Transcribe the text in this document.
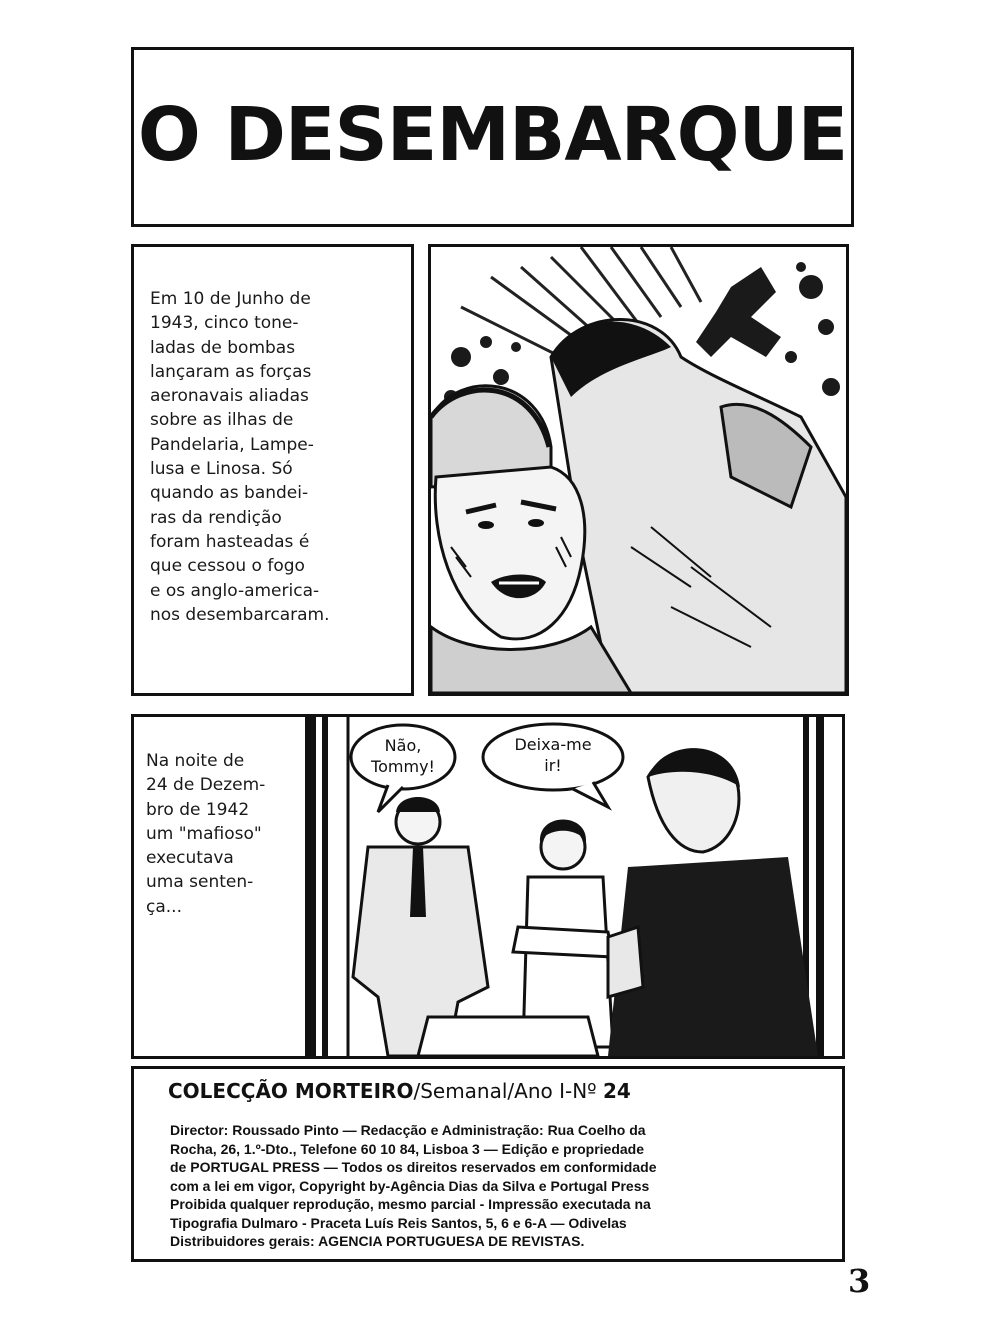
O DESEMBARQUE

Em 10 de Junho de
1943, cinco tone-
ladas de bombas
lançaram as forças
aeronavais aliadas
sobre as ilhas de
Pandelaria, Lampe-
lusa e Linosa. Só
quando as bandei-
ras da rendição
foram hasteadas é
que cessou o fogo
e os anglo-america-
nos desembarcaram.

Na noite de
24 de Dezem-
bro de 1942
um "mafioso"
executava
uma senten-
ça...

Não,
Tommy!
Deixa-me
ir!
COLECÇÃO MORTEIRO/Semanal/Ano I-Nº 24

Director: Roussado Pinto — Redacção e Administração: Rua Coelho da
Rocha, 26, 1.º-Dto., Telefone 60 10 84, Lisboa 3 — Edição e propriedade
de PORTUGAL PRESS — Todos os direitos reservados em conformidade
com a lei em vigor, Copyright by-Agência Dias da Silva e Portugal Press
Proibida qualquer reprodução, mesmo parcial - Impressão executada na
Tipografia Dulmaro - Praceta Luís Reis Santos, 5, 6 e 6-A — Odivelas
Distribuidores gerais: AGENCIA PORTUGUESA DE REVISTAS.

3
